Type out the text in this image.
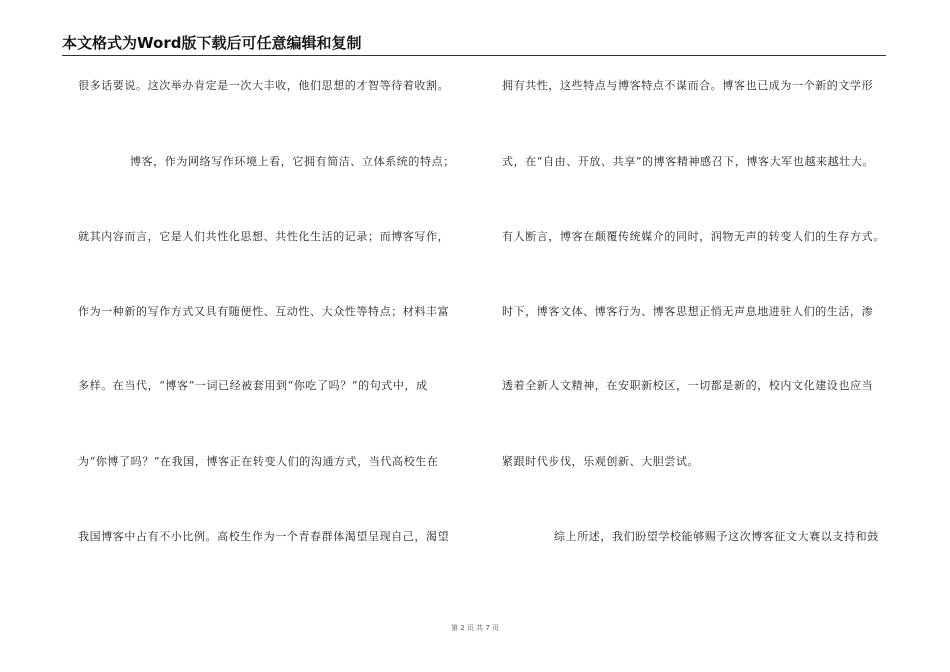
本文格式为Word版下载后可任意编辑和复制
很多话要说。这次举办肯定是一次大丰收，他们思想的才智等待着收割。
博客，作为网络写作环境上看，它拥有简洁、立体系统的特点；
就其内容而言，它是人们共性化思想、共性化生活的记录；而博客写作，
作为一种新的写作方式又具有随便性、互动性、大众性等特点；材料丰富
多样。在当代，“博客”一词已经被套用到“你吃了吗？”的句式中，成
为“你博了吗？”在我国，博客正在转变人们的沟通方式，当代高校生在
我国博客中占有不小比例。高校生作为一个青春群体渴望呈现自己，渴望
拥有共性，这些特点与博客特点不谋而合。博客也已成为一个新的文学形
式，在“自由、开放、共享”的博客精神感召下，博客大军也越来越壮大。
有人断言，博客在颠覆传统媒介的同时，润物无声的转变人们的生存方式。
时下，博客文体、博客行为、博客思想正悄无声息地进驻人们的生活，渗
透着全新人文精神，在安职新校区，一切都是新的，校内文化建设也应当
紧跟时代步伐，乐观创新、大胆尝试。
综上所述，我们盼望学校能够赐予这次博客征文大赛以支持和鼓
第 2 页 共 7 页
